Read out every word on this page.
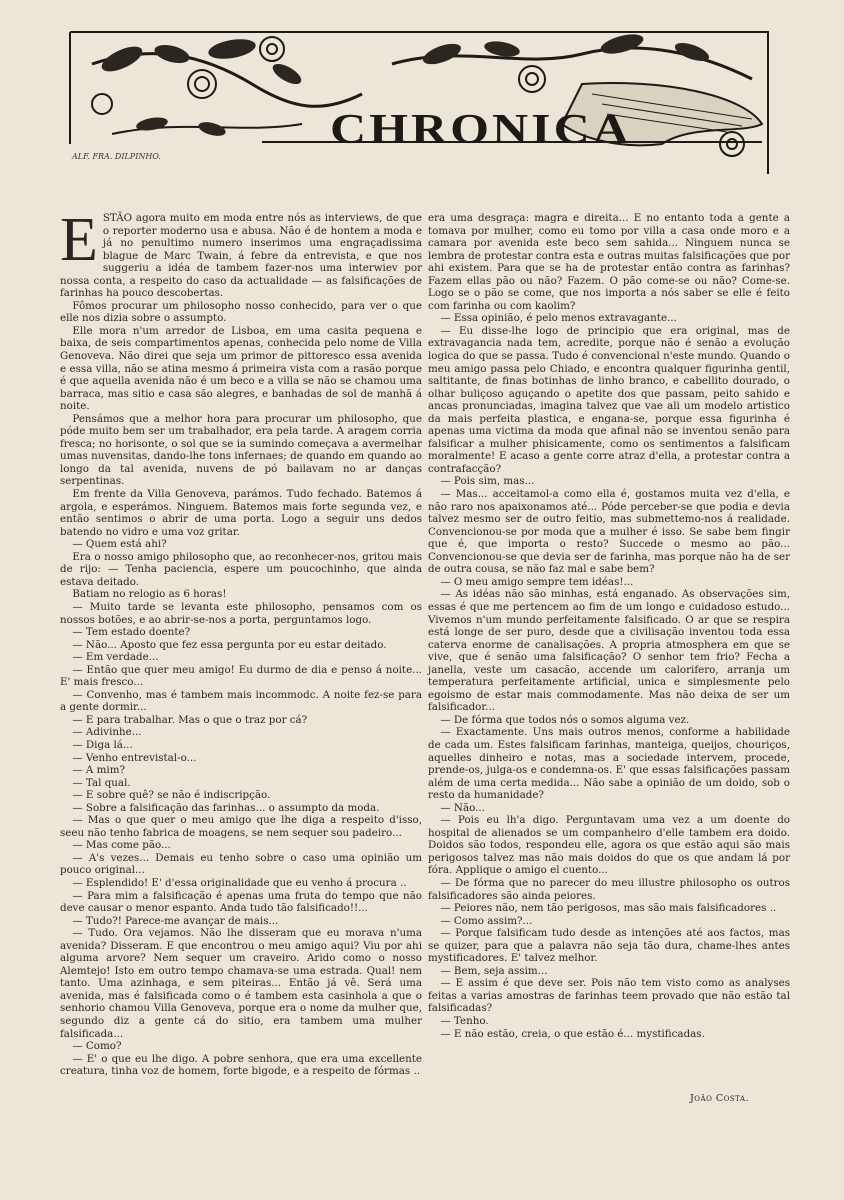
CHRONICA
ALF. FRA. DILPINHO.
E STÃO agora muito em moda entre nós as interviews, de que o reporter moderno usa e abusa. Não é de hontem a moda e já no penultimo numero inserimos uma engraçadissima blague de Marc Twain, á febre da entrevista, e que nos suggeriu a idéa de tambem fazer-nos uma interwiev por nossa conta, a respeito do caso da actualidade — as falsificações de farinhas ha pouco descobertas.

Fômos procurar um philosopho nosso conhecido, para ver o que elle nos dizia sobre o assumpto.

Elle mora n'um arredor de Lisboa, em uma casita pequena e baixa, de seis compartimentos apenas, conhecida pelo nome de Villa Genoveva. Não direi que seja um primor de pittoresco essa avenida e essa villa, não se atina mesmo á primeira vista com a rasão porque é que aquella avenida não é um beco e a villa se não se chamou uma barraca, mas sitio e casa são alegres, e banhadas de sol de manhã á noite.

Pensámos que a melhor hora para procurar um philosopho, que póde muito bem ser um trabalhador, era pela tarde. A aragem corria fresca; no horisonte, o sol que se ia sumindo começava a avermelhar umas nuvensitas, dando-lhe tons infernaes; de quando em quando ao longo da tal avenida, nuvens de pó bailavam no ar danças serpentinas.

Em frente da Villa Genoveva, parámos. Tudo fechado. Batemos á argola, e esperámos. Ninguem. Batemos mais forte segunda vez, e então sentimos o abrir de uma porta. Logo a seguir uns dedos batendo no vidro e uma voz gritar.

— Quem está ahi?

Era o nosso amigo philosopho que, ao reconhecer-nos, gritou mais de rijo: — Tenha paciencia, espere um poucochinho, que ainda estava deitado.

Batiam no relogio as 6 horas!

— Muito tarde se levanta este philosopho, pensamos com os nossos botões, e ao abrir-se-nos a porta, perguntamos logo.

— Tem estado doente?

— Não... Aposto que fez essa pergunta por eu estar deitado.

— Em verdade...

— Então que quer meu amigo! Eu durmo de dia e penso á noite... E' mais fresco...

— Convenho, mas é tambem mais incommodc. A noite fez-se para a gente dormir...

— E para trabalhar. Mas o que o traz por cá?

— Adivinhe...

— Diga lá...

— Venho entrevistal-o...

— A mim?

— Tal qual.

— E sobre quê? se não é indiscripção.

— Sobre a falsificação das farinhas... o assumpto da moda.

— Mas o que quer o meu amigo que lhe diga a respeito d'isso, seeu não tenho fabrica de moagens, se nem sequer sou padeiro...

— Mas come pão...

— A's vezes... Demais eu tenho sobre o caso uma opinião um pouco original...

— Esplendido! E' d'essa originalidade que eu venho á procura ..

— Para mim a falsificação é apenas uma fruta do tempo que não deve causar o menor espanto. Anda tudo tão falsificado!!...

— Tudo?! Parece-me avançar de mais...

— Tudo. Ora vejamos. Não lhe disseram que eu morava n'uma avenida? Disseram. E que encontrou o meu amigo aqui? Viu por ahi alguma arvore? Nem sequer um craveiro. Arido como o nosso Alemtejo! Isto em outro tempo chamava-se uma estrada. Qual! nem tanto. Uma azinhaga, e sem piteiras... Então já vê. Será uma avenida, mas é falsificada como o é tambem esta casinhola a que o senhorio chamou Villa Genoveva, porque era o nome da mulher que, segundo diz a gente cá do sitio, era tambem uma mulher falsificada...

— Como?

— E' o que eu lhe digo. A pobre senhora, que era uma excellente creatura, tinha voz de homem, forte bigode, e a respeito de fórmas ..

era uma desgraça: magra e direita... E no entanto toda a gente a tomava por mulher, como eu tomo por villa a casa onde moro e a camara por avenida este beco sem sahida... Ninguem nunca se lembra de protestar contra esta e outras muitas falsificações que por ahi existem. Para que se ha de protestar então contra as farinhas? Fazem ellas pão ou não? Fazem. O pão come-se ou não? Come-se. Logo se o pão se come, que nos importa a nós saber se elle é feito com farinha ou com kaolim?

— Essa opinião, é pelo menos extravagante...

— Eu disse-lhe logo de principio que era original, mas de extravagancia nada tem, acredite, porque não é senão a evolução logica do que se passa. Tudo é convencional n'este mundo. Quando o meu amigo passa pelo Chiado, e encontra qualquer figurinha gentil, saltitante, de finas botinhas de linho branco, e cabellito dourado, o olhar buliçoso aguçando o apetite dos que passam, peito sahido e ancas pronunciadas, imagina talvez que vae ali um modelo artistico da mais perfeita plastica, e engana-se, porque essa figurinha é apenas uma victima da moda que afinal não se inventou senão para falsificar a mulher phisicamente, como os sentimentos a falsificam moralmente! E acaso a gente corre atraz d'ella, a protestar contra a contrafacção?

— Pois sim, mas...

— Mas... acceitamol-a como ella é, gostamos muita vez d'ella, e não raro nos apaixonamos até... Póde perceber-se que podia e devia talvez mesmo ser de outro feitio, mas submettemo-nos á realidade. Convencionou-se por moda que a mulher é isso. Se sabe bem fingir que é, que importa o resto? Succede o mesmo ao pão... Convencionou-se que devia ser de farinha, mas porque não ha de ser de outra cousa, se não faz mal e sabe bem?

— O meu amigo sempre tem idéas!...

— As idéas não são minhas, está enganado. As observações sim, essas é que me pertencem ao fim de um longo e cuidadoso estudo... Vivemos n'um mundo perfeitamente falsificado. O ar que se respira está longe de ser puro, desde que a civilisação inventou toda essa caterva enorme de canalisações. A propria atmosphera em que se vive, que é senão uma falsificação? O senhor tem frio? Fecha a janella, veste um casacão, accende um calorifero, arranja um temperatura perfeitamente artificial, unica e simplesmente pelo egoismo de estar mais commodamente. Mas não deixa de ser um falsificador...

— De fórma que todos nós o somos alguma vez.

— Exactamente. Uns mais outros menos, conforme a habilidade de cada um. Estes falsificam farinhas, manteiga, queijos, chouriços, aquelles dinheiro e notas, mas a sociedade intervem, procede, prende-os, julga-os e condemna-os. E' que essas falsificações passam além de uma certa medida... Não sabe a opinião de um doido, sob o resto da humanidade?

— Não...

— Pois eu lh'a digo. Perguntavam uma vez a um doente do hospital de alienados se um companheiro d'elle tambem era doido. Doidos são todos, respondeu elle, agora os que estão aqui são mais perigosos talvez mas não mais doidos do que os que andam lá por fóra. Applique o amigo el cuento...

— De fórma que no parecer do meu illustre philosopho os outros falsificadores são ainda peiores.

— Peiores não, nem tão perigosos, mas são mais falsificadores ..

— Como assim?...

— Porque falsificam tudo desde as intenções até aos factos, mas se quizer, para que a palavra não seja tão dura, chame-lhes antes mystificadores. E' talvez melhor.

— Bem, seja assim...

— E assim é que deve ser. Pois não tem visto como as analyses feitas a varias amostras de farinhas teem provado que não estão tal falsificadas?

— Tenho.

— E não estão, creia, o que estão é... mystificadas.

João Costa.
